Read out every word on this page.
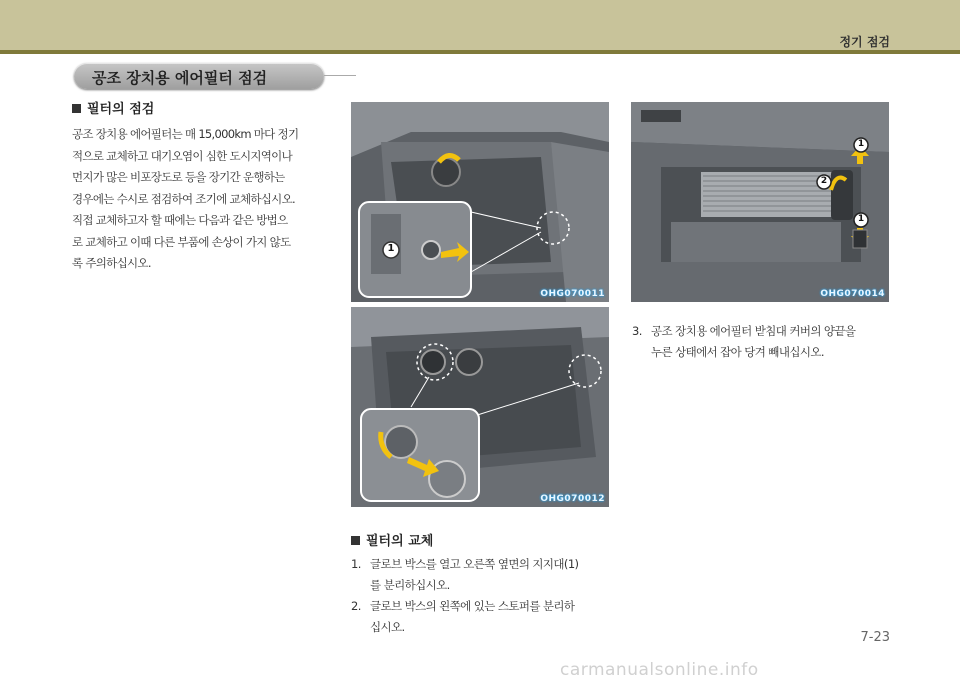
정기 점검
공조 장치용 에어필터 점검
필터의 점검
공조 장치용 에어필터는 매 15,000km 마다 정기
적으로 교체하고 대기오염이 심한 도시지역이나
먼지가 많은 비포장도로 등을 장기간 운행하는
경우에는 수시로 점검하여 조기에 교체하십시오.
직접 교체하고자 할 때에는 다음과 같은 방법으
로 교체하고 이때 다른 부품에 손상이 가지 않도
록 주의하십시오.
1
OHG070011
OHG070012
1
2
1
OHG070014
3. 공조 장치용 에어필터 받침대 커버의 양끝을
누른 상태에서 잡아 당겨 빼내십시오.
필터의 교체
1. 글로브 박스를 열고 오른쪽 옆면의 지지대(1)
를 분리하십시오.
2. 글로브 박스의 왼쪽에 있는 스토퍼를 분리하
십시오.
7-23
carmanualsonline.info
